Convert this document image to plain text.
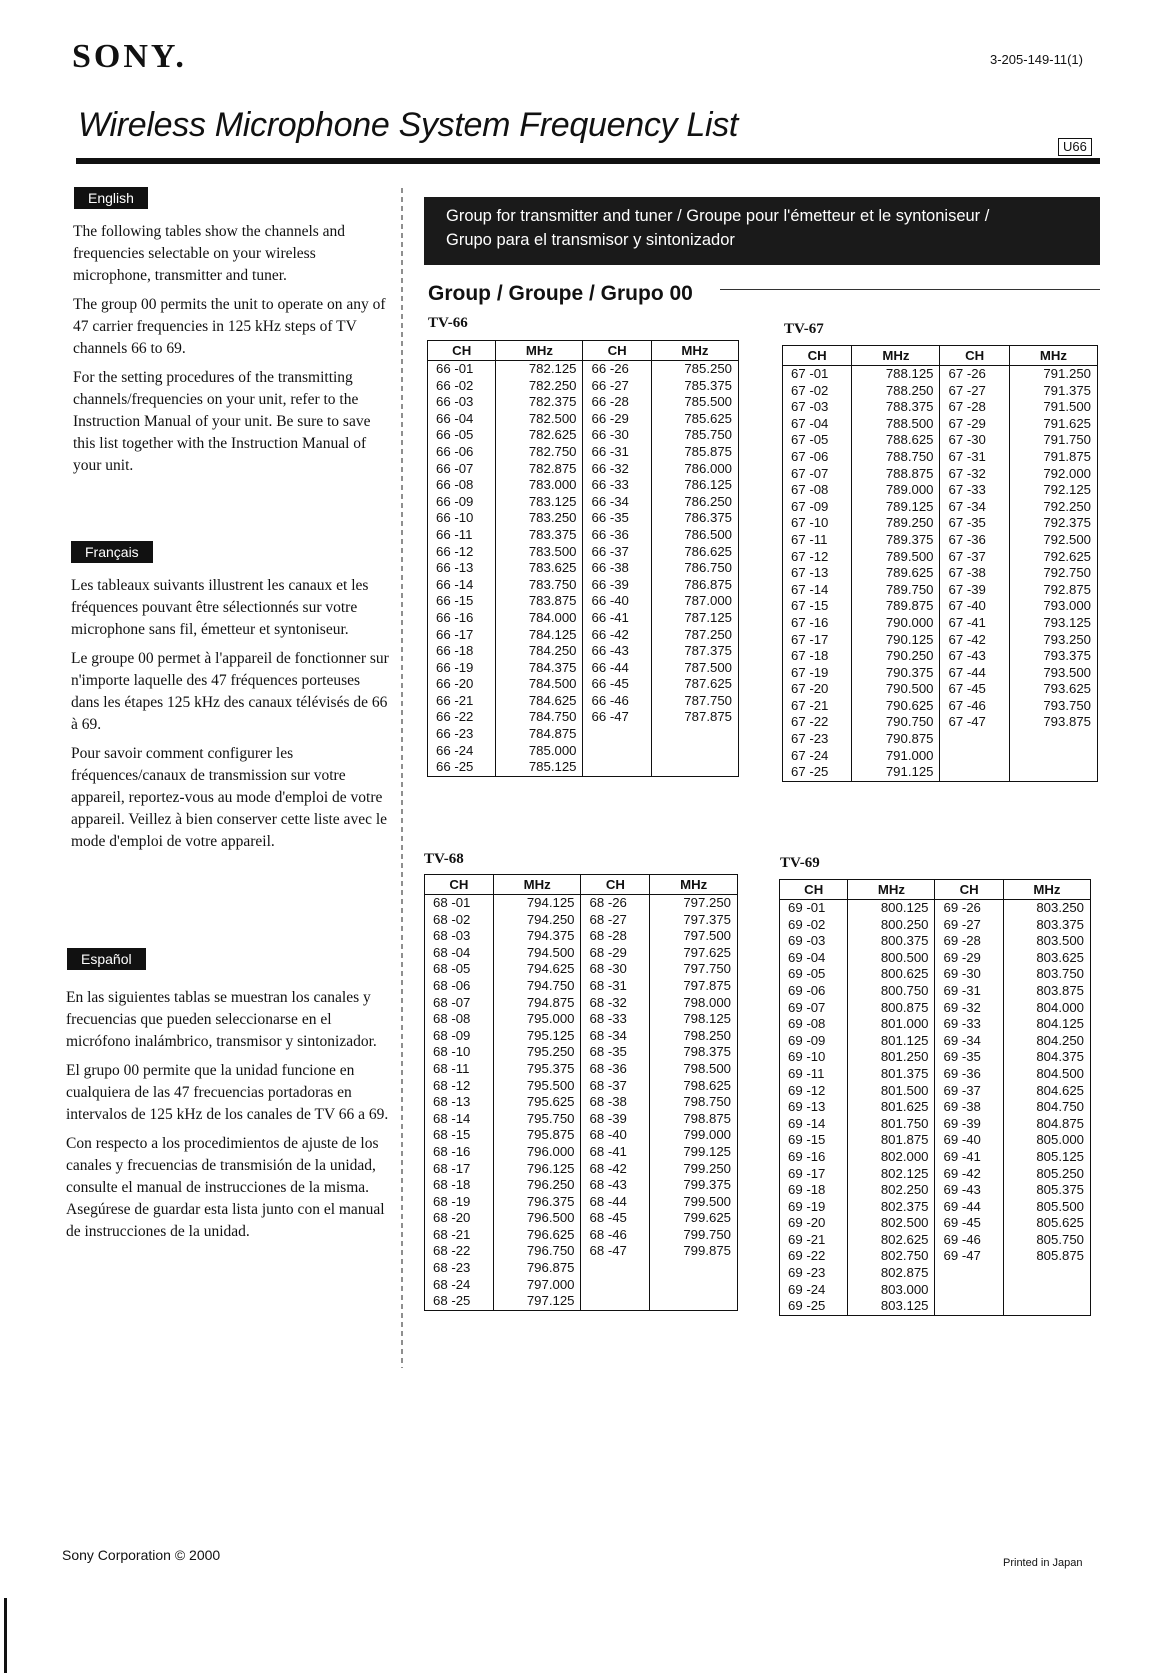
SONY.	3-205-149-11(1)
Wireless Microphone System Frequency List
U66
English

The following tables show the channels and frequencies selectable on your wireless microphone, transmitter and tuner.

The group 00 permits the unit to operate on any of 47 carrier frequencies in 125 kHz steps of TV channels 66 to 69.

For the setting procedures of the transmitting channels/frequencies on your unit, refer to the Instruction Manual of your unit. Be sure to save this list together with the Instruction Manual of your unit.

Français

Les tableaux suivants illustrent les canaux et les fréquences pouvant être sélectionnés sur votre microphone sans fil, émetteur et syntoniseur.

Le groupe 00 permet à l'appareil de fonctionner sur n'importe laquelle des 47 fréquences porteuses dans les étapes 125 kHz des canaux télévisés de 66 à 69.

Pour savoir comment configurer les fréquences/canaux de transmission sur votre appareil, reportez-vous au mode d'emploi de votre appareil. Veillez à bien conserver cette liste avec le mode d'emploi de votre appareil.

Español

En las siguientes tablas se muestran los canales y frecuencias que pueden seleccionarse en el micrófono inalámbrico, transmisor y sintonizador.

El grupo 00 permite que la unidad funcione en cualquiera de las 47 frecuencias portadoras en intervalos de 125 kHz de los canales de TV 66 a 69.

Con respecto a los procedimientos de ajuste de los canales y frecuencias de transmisión de la unidad, consulte el manual de instrucciones de la misma. Asegúrese de guardar esta lista junto con el manual de instrucciones de la unidad.

Group for transmitter and tuner / Groupe pour l'émetteur et le syntoniseur /
Grupo para el transmisor y sintonizador
Group / Groupe / Grupo 00
TV-66	TV-67
TV-68	TV-69
CH	MHz	CH	MHz
66 -01	782.125	66 -26	785.250
66 -02	782.250	66 -27	785.375
66 -03	782.375	66 -28	785.500
66 -04	782.500	66 -29	785.625
66 -05	782.625	66 -30	785.750
66 -06	782.750	66 -31	785.875
66 -07	782.875	66 -32	786.000
66 -08	783.000	66 -33	786.125
66 -09	783.125	66 -34	786.250
66 -10	783.250	66 -35	786.375
66 -11	783.375	66 -36	786.500
66 -12	783.500	66 -37	786.625
66 -13	783.625	66 -38	786.750
66 -14	783.750	66 -39	786.875
66 -15	783.875	66 -40	787.000
66 -16	784.000	66 -41	787.125
66 -17	784.125	66 -42	787.250
66 -18	784.250	66 -43	787.375
66 -19	784.375	66 -44	787.500
66 -20	784.500	66 -45	787.625
66 -21	784.625	66 -46	787.750
66 -22	784.750	66 -47	787.875
66 -23	784.875		
66 -24	785.000		
66 -25	785.125		
CH	MHz	CH	MHz
67 -01	788.125	67 -26	791.250
67 -02	788.250	67 -27	791.375
67 -03	788.375	67 -28	791.500
67 -04	788.500	67 -29	791.625
67 -05	788.625	67 -30	791.750
67 -06	788.750	67 -31	791.875
67 -07	788.875	67 -32	792.000
67 -08	789.000	67 -33	792.125
67 -09	789.125	67 -34	792.250
67 -10	789.250	67 -35	792.375
67 -11	789.375	67 -36	792.500
67 -12	789.500	67 -37	792.625
67 -13	789.625	67 -38	792.750
67 -14	789.750	67 -39	792.875
67 -15	789.875	67 -40	793.000
67 -16	790.000	67 -41	793.125
67 -17	790.125	67 -42	793.250
67 -18	790.250	67 -43	793.375
67 -19	790.375	67 -44	793.500
67 -20	790.500	67 -45	793.625
67 -21	790.625	67 -46	793.750
67 -22	790.750	67 -47	793.875
67 -23	790.875		
67 -24	791.000		
67 -25	791.125		
CH	MHz	CH	MHz
68 -01	794.125	68 -26	797.250
68 -02	794.250	68 -27	797.375
68 -03	794.375	68 -28	797.500
68 -04	794.500	68 -29	797.625
68 -05	794.625	68 -30	797.750
68 -06	794.750	68 -31	797.875
68 -07	794.875	68 -32	798.000
68 -08	795.000	68 -33	798.125
68 -09	795.125	68 -34	798.250
68 -10	795.250	68 -35	798.375
68 -11	795.375	68 -36	798.500
68 -12	795.500	68 -37	798.625
68 -13	795.625	68 -38	798.750
68 -14	795.750	68 -39	798.875
68 -15	795.875	68 -40	799.000
68 -16	796.000	68 -41	799.125
68 -17	796.125	68 -42	799.250
68 -18	796.250	68 -43	799.375
68 -19	796.375	68 -44	799.500
68 -20	796.500	68 -45	799.625
68 -21	796.625	68 -46	799.750
68 -22	796.750	68 -47	799.875
68 -23	796.875		
68 -24	797.000		
68 -25	797.125		
CH	MHz	CH	MHz
69 -01	800.125	69 -26	803.250
69 -02	800.250	69 -27	803.375
69 -03	800.375	69 -28	803.500
69 -04	800.500	69 -29	803.625
69 -05	800.625	69 -30	803.750
69 -06	800.750	69 -31	803.875
69 -07	800.875	69 -32	804.000
69 -08	801.000	69 -33	804.125
69 -09	801.125	69 -34	804.250
69 -10	801.250	69 -35	804.375
69 -11	801.375	69 -36	804.500
69 -12	801.500	69 -37	804.625
69 -13	801.625	69 -38	804.750
69 -14	801.750	69 -39	804.875
69 -15	801.875	69 -40	805.000
69 -16	802.000	69 -41	805.125
69 -17	802.125	69 -42	805.250
69 -18	802.250	69 -43	805.375
69 -19	802.375	69 -44	805.500
69 -20	802.500	69 -45	805.625
69 -21	802.625	69 -46	805.750
69 -22	802.750	69 -47	805.875
69 -23	802.875		
69 -24	803.000		
69 -25	803.125		
Sony Corporation © 2000	Printed in Japan
